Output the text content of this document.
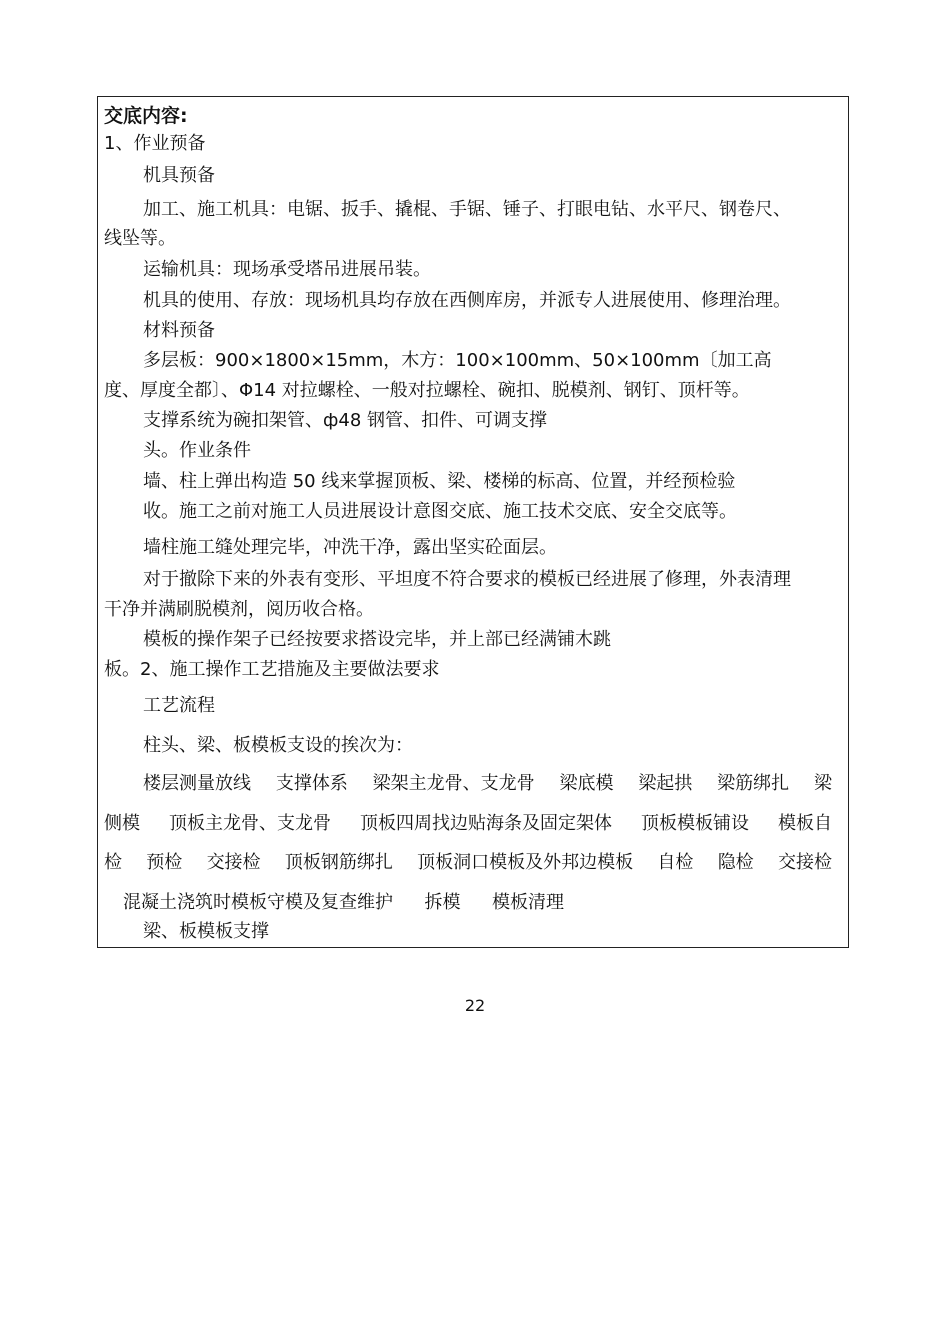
交底内容:
1、作业预备
机具预备
加工、施工机具：电锯、扳手、撬棍、手锯、锤子、打眼电钻、水平尺、钢卷尺、
线坠等。
运输机具：现场承受塔吊进展吊装。
机具的使用、存放：现场机具均存放在西侧库房，并派专人进展使用、修理治理。
材料预备
多层板：900×1800×15mm，木方：100×100mm、50×100mm〔加工高
度、厚度全都〕、Φ14 对拉螺栓、一般对拉螺栓、碗扣、脱模剂、钢钉、顶杆等。
支撑系统为碗扣架管、ф48 钢管、扣件、可调支撑
头。作业条件
墙、柱上弹出构造 50 线来掌握顶板、梁、楼梯的标高、位置，并经预检验
收。施工之前对施工人员进展设计意图交底、施工技术交底、安全交底等。
墙柱施工缝处理完毕，冲洗干净，露出坚实砼面层。
对于撤除下来的外表有变形、平坦度不符合要求的模板已经进展了修理，外表清理
干净并满刷脱模剂，阅历收合格。
模板的操作架子已经按要求搭设完毕，并上部已经满铺木跳
板。2、施工操作工艺措施及主要做法要求
工艺流程
柱头、梁、板模板支设的挨次为：
楼层测量放线 支撑体系 梁架主龙骨、支龙骨 梁底模 梁起拱 梁筋绑扎 梁
侧模 顶板主龙骨、支龙骨 顶板四周找边贴海条及固定架体 顶板模板铺设 模板自
检 预检 交接检 顶板钢筋绑扎 顶板洞口模板及外邦边模板 自检 隐检 交接检
混凝土浇筑时模板守模及复查维护 拆模 模板清理
梁、板模板支撑
22
